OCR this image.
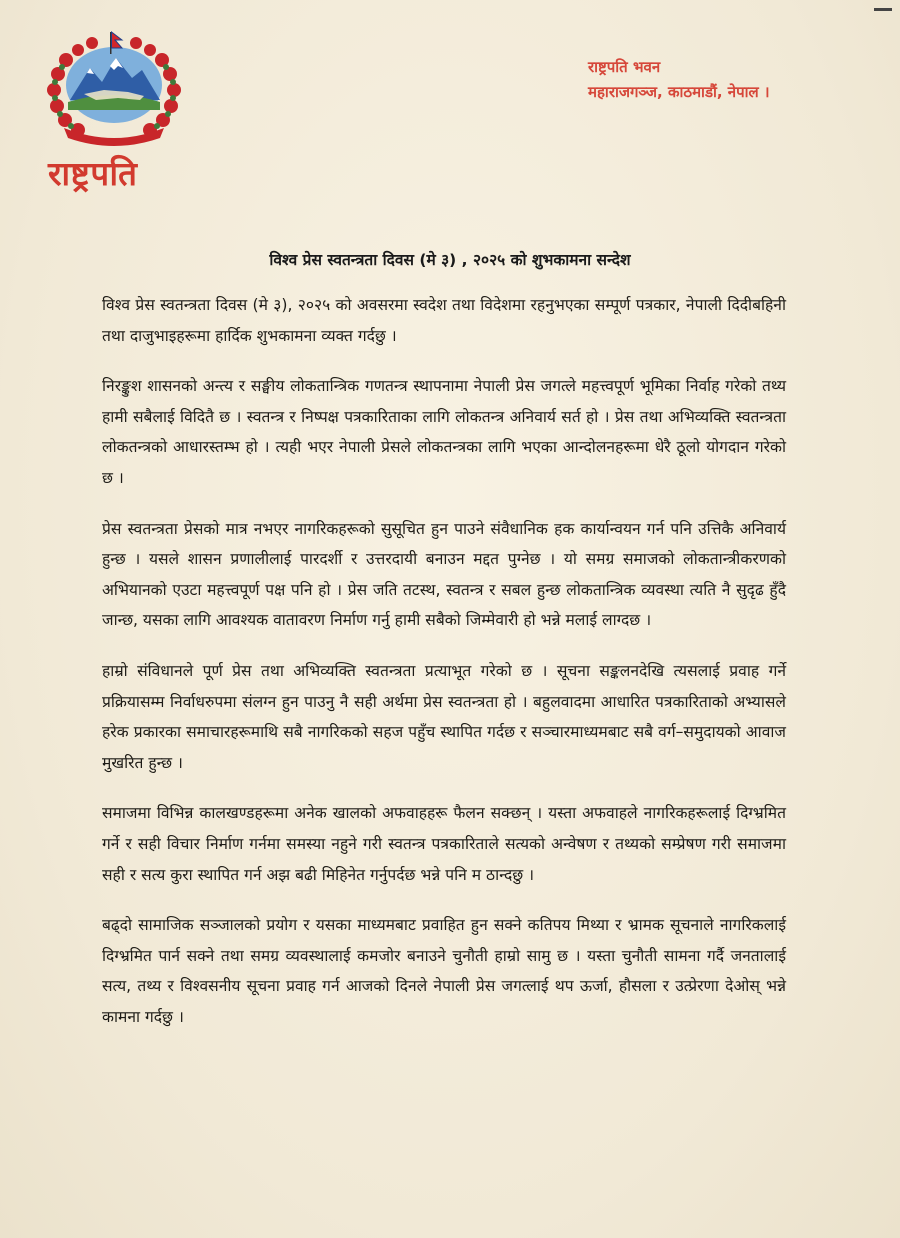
राष्ट्रपति
राष्ट्रपति भवन
महाराजगञ्ज, काठमाडौं, नेपाल ।
विश्व प्रेस स्वतन्त्रता दिवस (मे ३) , २०२५ को शुभकामना सन्देश

विश्व प्रेस स्वतन्त्रता दिवस (मे ३), २०२५ को अवसरमा स्वदेश तथा विदेशमा रहनुभएका सम्पूर्ण पत्रकार, नेपाली दिदीबहिनी तथा दाजुभाइहरूमा हार्दिक शुभकामना व्यक्त गर्दछु ।

निरङ्कुश शासनको अन्त्य र सङ्घीय लोकतान्त्रिक गणतन्त्र स्थापनामा नेपाली प्रेस जगत्ले महत्त्वपूर्ण भूमिका निर्वाह गरेको तथ्य हामी सबैलाई विदितै छ । स्वतन्त्र र निष्पक्ष पत्रकारिताका लागि लोकतन्त्र अनिवार्य सर्त हो । प्रेस तथा अभिव्यक्ति स्वतन्त्रता लोकतन्त्रको आधारस्तम्भ हो । त्यही भएर नेपाली प्रेसले लोकतन्त्रका लागि भएका आन्दोलनहरूमा धेरै ठूलो योगदान गरेको छ ।

प्रेस स्वतन्त्रता प्रेसको मात्र नभएर नागरिकहरूको सुसूचित हुन पाउने संवैधानिक हक कार्यान्वयन गर्न पनि उत्तिकै अनिवार्य हुन्छ । यसले शासन प्रणालीलाई पारदर्शी र उत्तरदायी बनाउन मद्दत पुग्नेछ । यो समग्र समाजको लोकतान्त्रीकरणको अभियानको एउटा महत्त्वपूर्ण पक्ष पनि हो । प्रेस जति तटस्थ, स्वतन्त्र र सबल हुन्छ लोकतान्त्रिक व्यवस्था त्यति नै सुदृढ हुँदै जान्छ, यसका लागि आवश्यक वातावरण निर्माण गर्नु हामी सबैको जिम्मेवारी हो भन्ने मलाई लाग्दछ ।

हाम्रो संविधानले पूर्ण प्रेस तथा अभिव्यक्ति स्वतन्त्रता प्रत्याभूत गरेको छ । सूचना सङ्कलनदेखि त्यसलाई प्रवाह गर्ने प्रक्रियासम्म निर्वाधरुपमा संलग्न हुन पाउनु नै सही अर्थमा प्रेस स्वतन्त्रता हो । बहुलवादमा आधारित पत्रकारिताको अभ्यासले हरेक प्रकारका समाचारहरूमाथि सबै नागरिकको सहज पहुँच स्थापित गर्दछ र सञ्चारमाध्यमबाट सबै वर्ग–समुदायको आवाज मुखरित हुन्छ ।

समाजमा विभिन्न कालखण्डहरूमा अनेक खालको अफवाहहरू फैलन सक्छन् । यस्ता अफवाहले नागरिकहरूलाई दिग्भ्रमित गर्ने र सही विचार निर्माण गर्नमा समस्या नहुने गरी स्वतन्त्र पत्रकारिताले सत्यको अन्वेषण र तथ्यको सम्प्रेषण गरी समाजमा सही र सत्य कुरा स्थापित गर्न अझ बढी मिहिनेत गर्नुपर्दछ भन्ने पनि म ठान्दछु ।

बढ्दो सामाजिक सञ्जालको प्रयोग र यसका माध्यमबाट प्रवाहित हुन सक्ने कतिपय मिथ्या र भ्रामक सूचनाले नागरिकलाई दिग्भ्रमित पार्न सक्ने तथा समग्र व्यवस्थालाई कमजोर बनाउने चुनौती हाम्रो सामु छ । यस्ता चुनौती सामना गर्दै जनतालाई सत्य, तथ्य र विश्वसनीय सूचना प्रवाह गर्न आजको दिनले नेपाली प्रेस जगत्लाई थप ऊर्जा, हौसला र उत्प्रेरणा देओस् भन्ने कामना गर्दछु ।
